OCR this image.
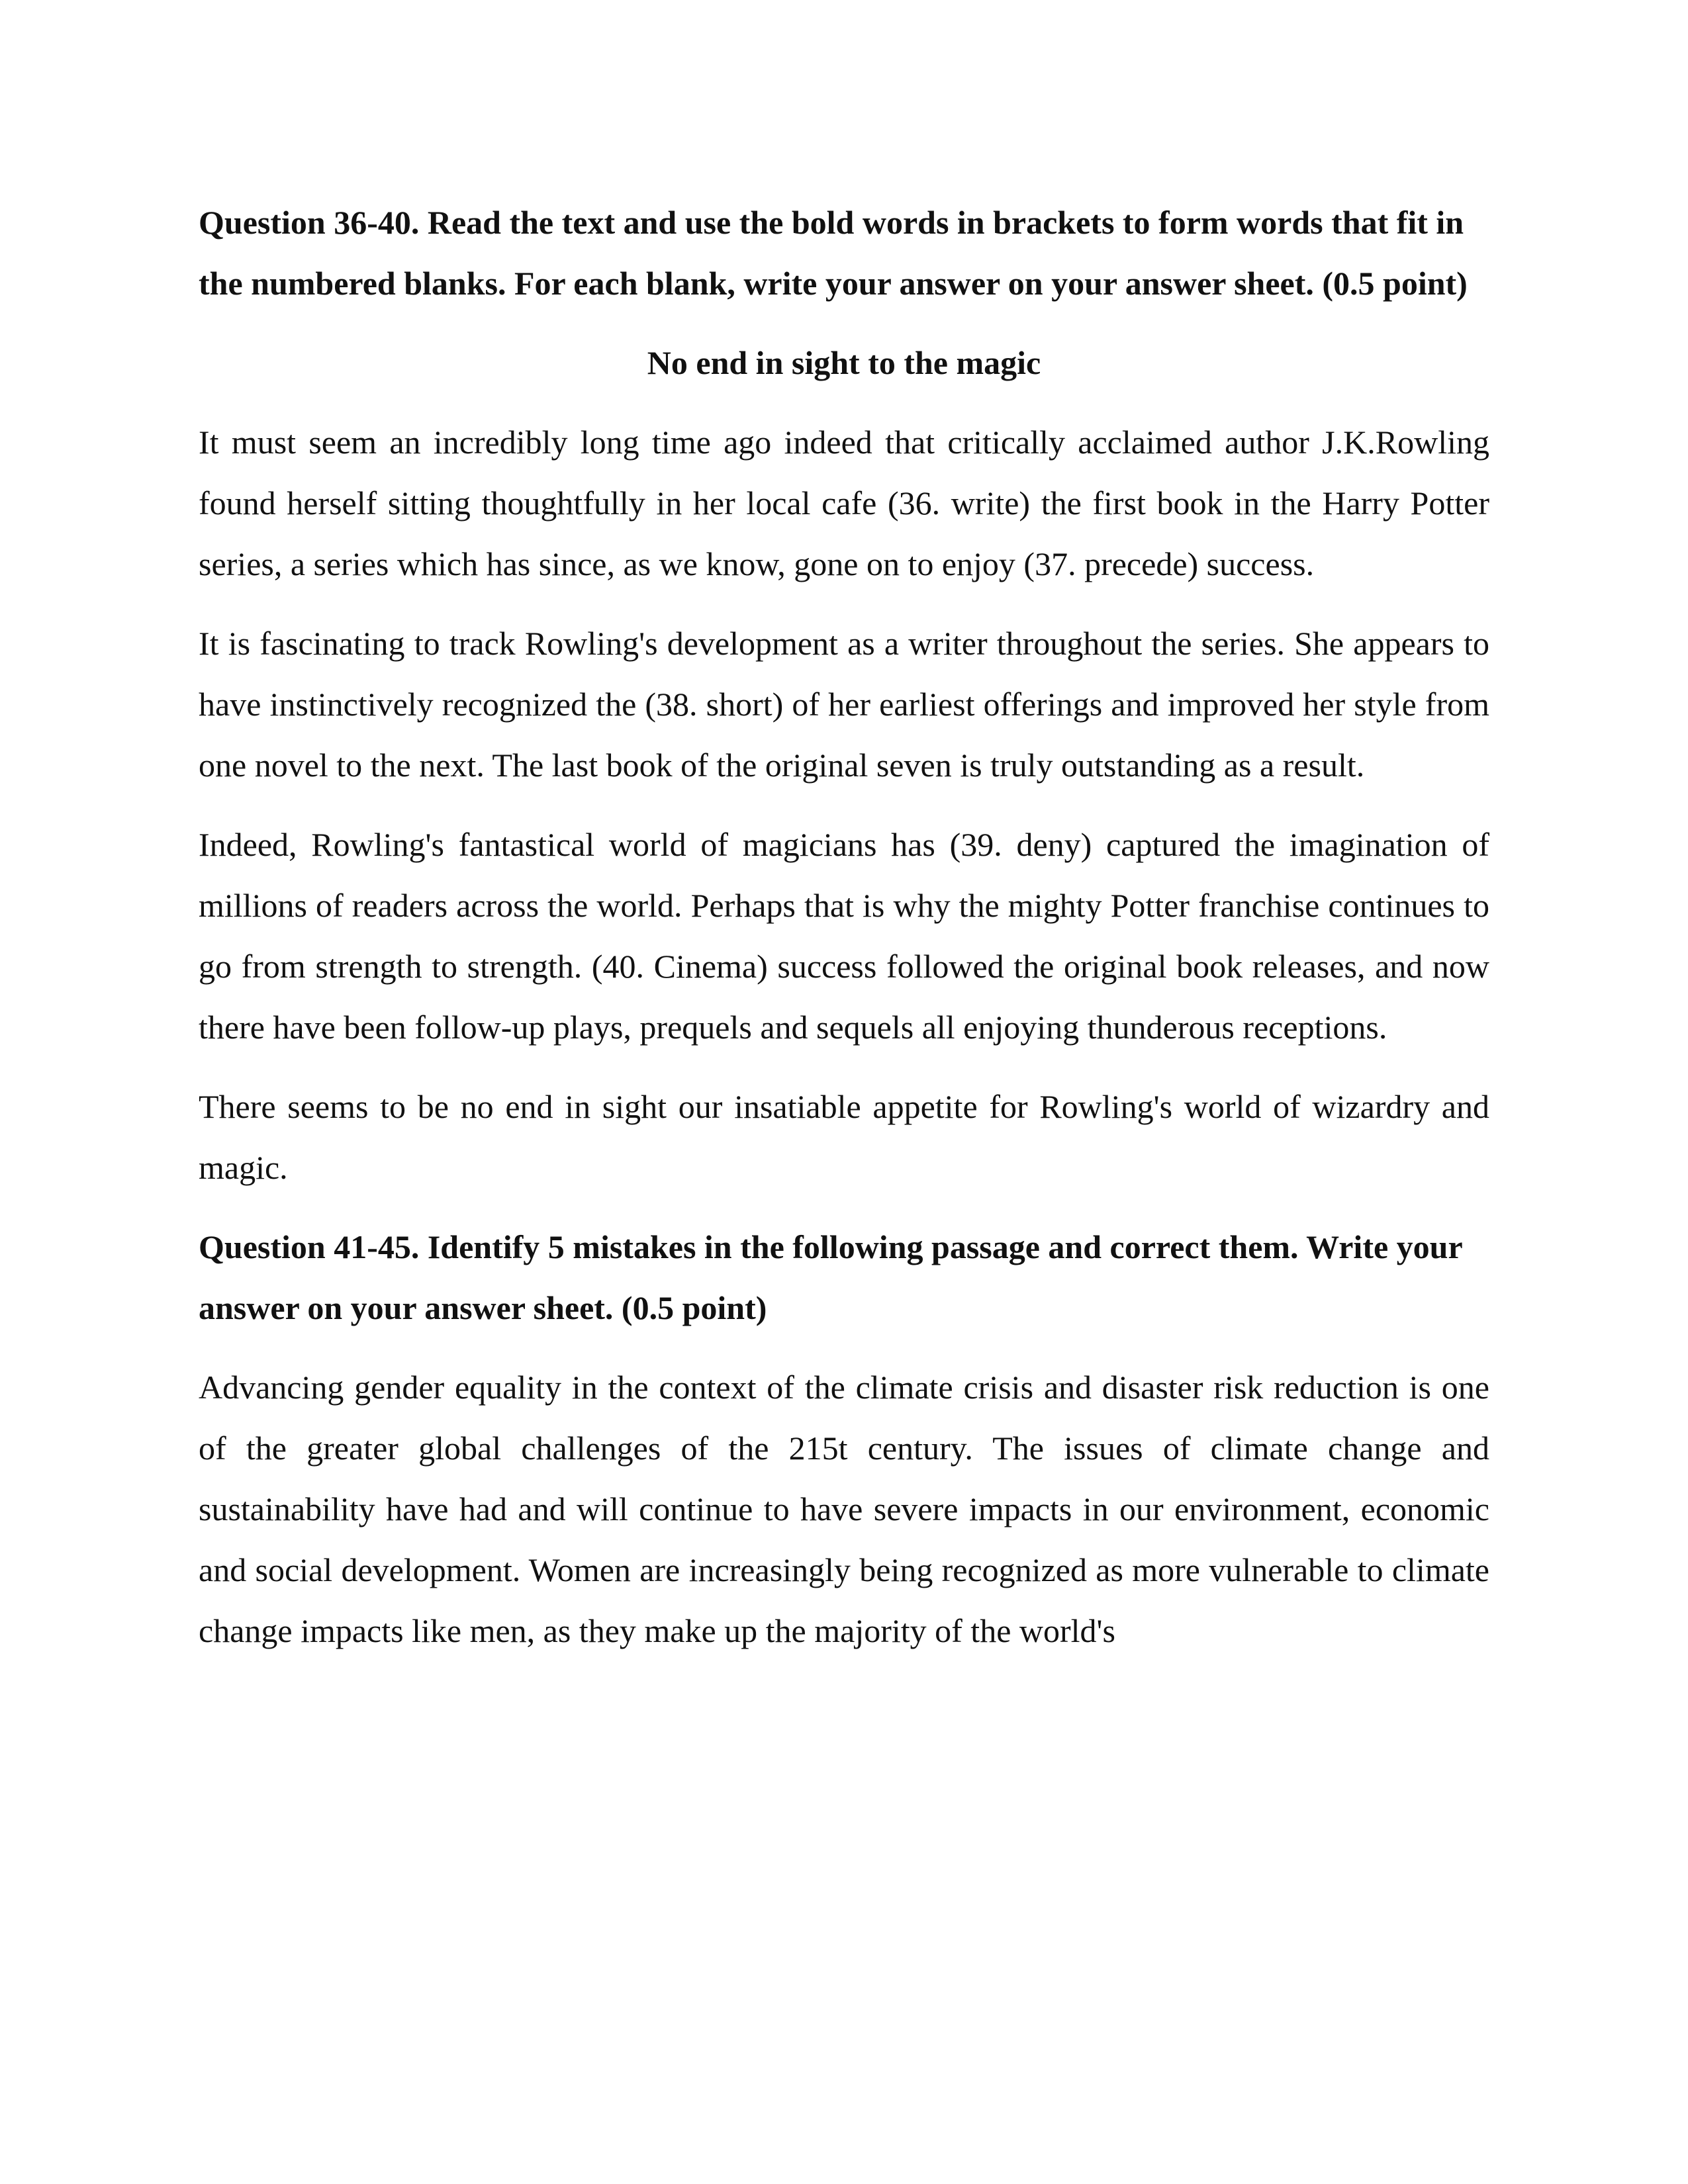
Question 36-40. Read the text and use the bold words in brackets to form words that fit in the numbered blanks. For each blank, write your answer on your answer sheet. (0.5 point)

No end in sight to the magic

It must seem an incredibly long time ago indeed that critically acclaimed author J.K.Rowling found herself sitting thoughtfully in her local cafe (36. write) the first book in the Harry Potter series, a series which has since, as we know, gone on to enjoy (37. precede) success.

It is fascinating to track Rowling's development as a writer throughout the series. She appears to have instinctively recognized the (38. short) of her earliest offerings and improved her style from one novel to the next. The last book of the original seven is truly outstanding as a result.

Indeed, Rowling's fantastical world of magicians has (39. deny) captured the imagination of millions of readers across the world. Perhaps that is why the mighty Potter franchise continues to go from strength to strength. (40. Cinema) success followed the original book releases, and now there have been follow-up plays, prequels and sequels all enjoying thunderous receptions.

There seems to be no end in sight our insatiable appetite for Rowling's world of wizardry and magic.

Question 41-45. Identify 5 mistakes in the following passage and correct them. Write your answer on your answer sheet. (0.5 point)

Advancing gender equality in the context of the climate crisis and disaster risk reduction is one of the greater global challenges of the 215t century. The issues of climate change and sustainability have had and will continue to have severe impacts in our environment, economic and social development. Women are increasingly being recognized as more vulnerable to climate change impacts like men, as they make up the majority of the world's
